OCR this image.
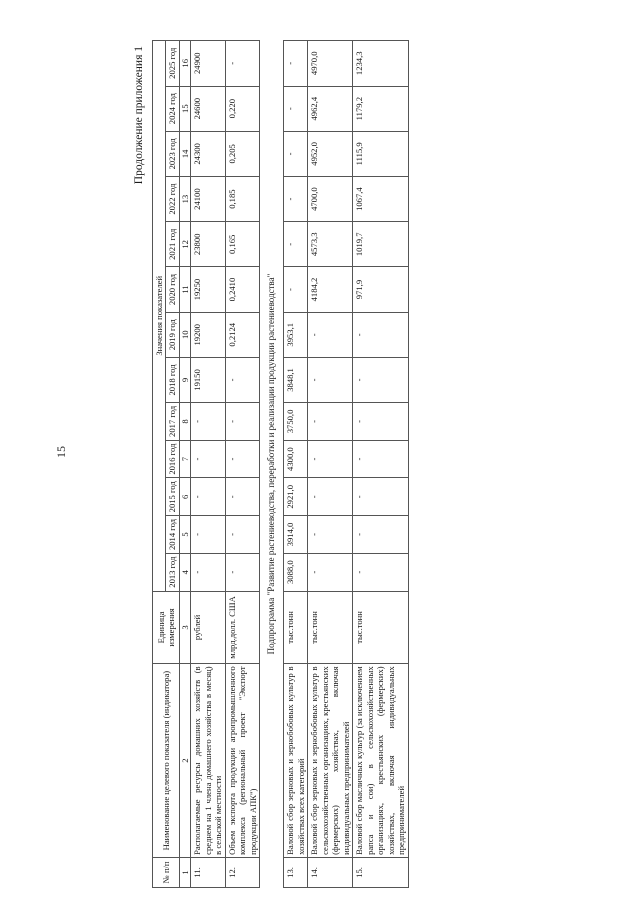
15
Продолжение приложения 1
№ п/п	Наименование целевого показателя (индикатора)	Единица измерения	Значения показателей												
			2013 год	2014 год	2015 год	2016 год	2017 год	2018 год	2019 год	2020 год	2021 год	2022 год	2023 год	2024 год	2025 год
1	2	3	4	5	6	7	8	9	10	11	12	13	14	15	16
11.	Располагаемые ресурсы домашних хозяйств (в среднем на 1 члена домашнего хозяйства в месяц) в сельской местности	рублей	-	-	-	-	-	19150	19200	19250	23800	24100	24300	24600	24900
12.	Объем экспорта продукции агропромышленного комплекса (региональный проект "Экспорт продукции АПК")	млрд.долл. США	-	-	-	-	-	-	0,2124	0,2410	0,165	0,185	0,205	0,220	-
Подпрограмма "Развитие растениеводства, переработки и реализации продукции растениеводства"															
13.	Валовой сбор зерновых и зернобобовых культур в хозяйствах всех категорий	тыс.тонн	3088,0	3914,0	2921,0	4300,0	3750,0	3848,1	3953,1	-	-	-	-	-	-
14.	Валовой сбор зерновых и зернобобовых культур в сельскохозяйственных организациях, крестьянских (фермерских) хозяйствах, включая индивидуальных предпринимателей	тыс.тонн	-	-	-	-	-	-	-	4184,2	4573,3	4700,0	4952,0	4962,4	4970,0
15.	Валовой сбор масличных культур (за исключением рапса и сои) в сельскохозяйственных организациях, крестьянских (фермерских) хозяйствах, включая индивидуальных предпринимателей	тыс.тонн	-	-	-	-	-	-	-	971,9	1019,7	1067,4	1115,9	1179,2	1234,3
